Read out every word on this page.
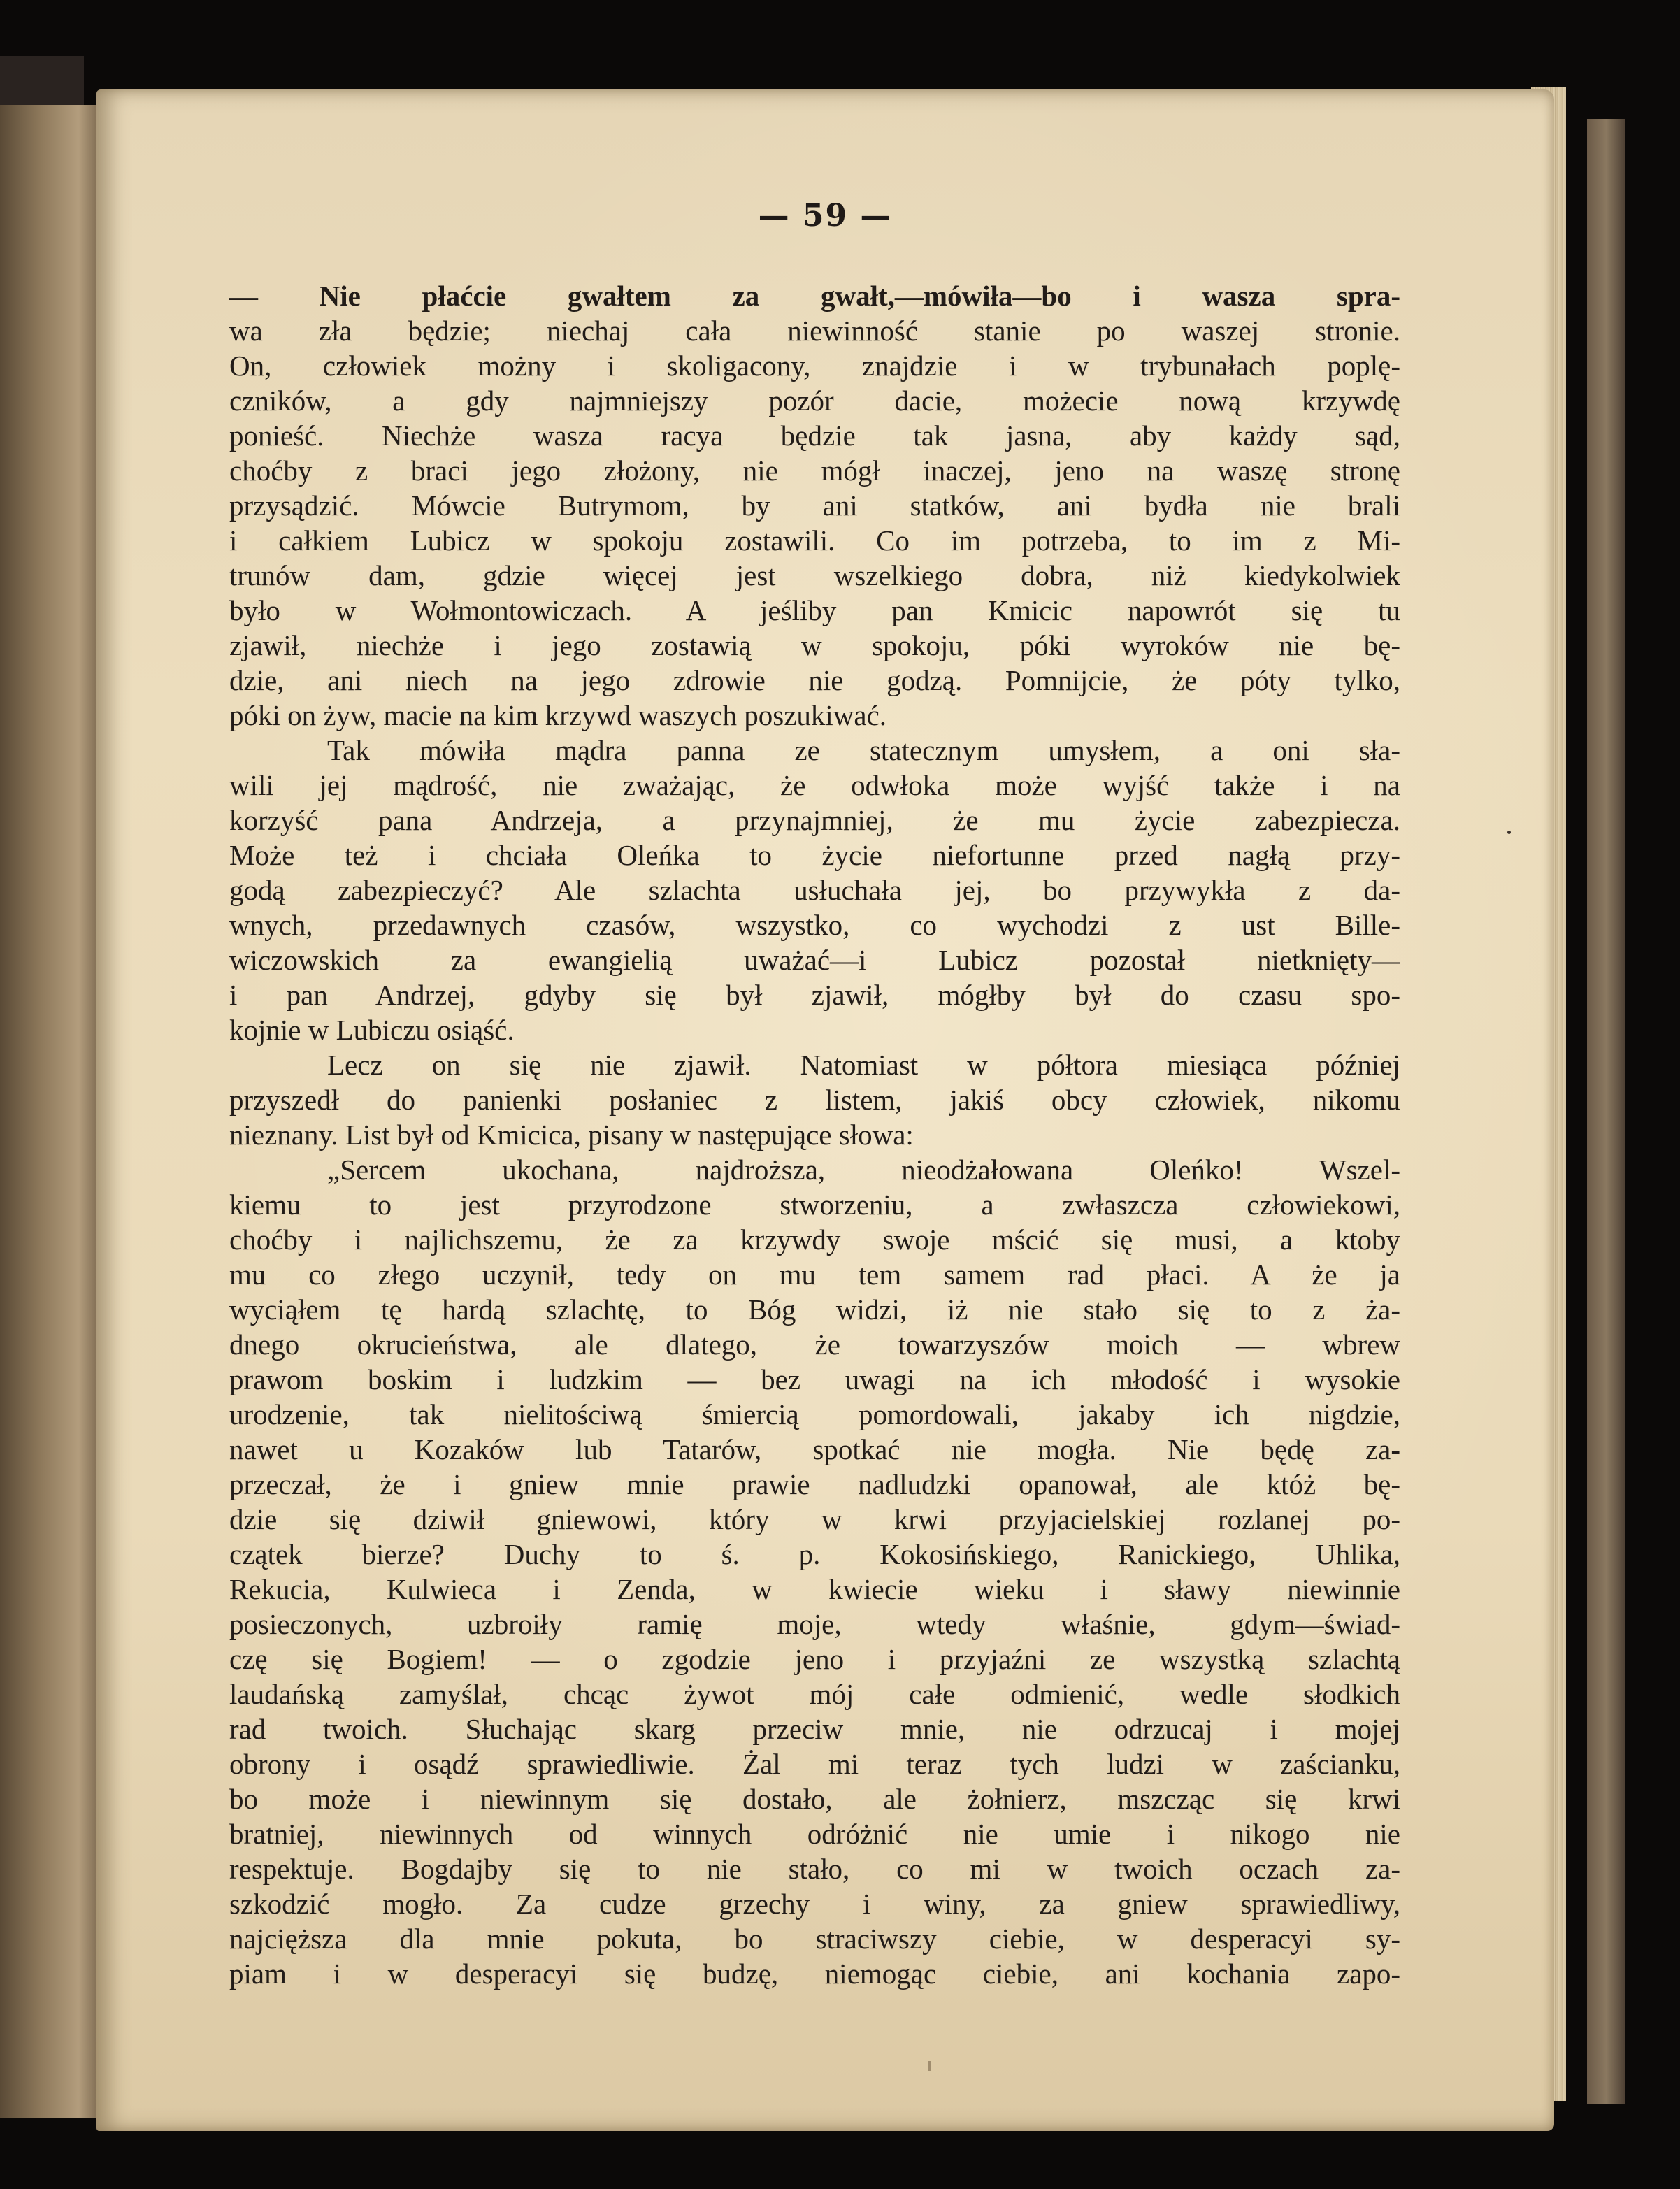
— 59 —
— Nie płaćcie gwałtem za gwałt,—mówiła—bo i wasza spra-
wa zła będzie; niechaj cała niewinność stanie po waszej stronie.
On, człowiek możny i skoligacony, znajdzie i w trybunałach poplę-
czników, a gdy najmniejszy pozór dacie, możecie nową krzywdę
ponieść. Niechże wasza racya będzie tak jasna, aby każdy sąd,
choćby z braci jego złożony, nie mógł inaczej, jeno na waszę stronę
przysądzić. Mówcie Butrymom, by ani statków, ani bydła nie brali
i całkiem Lubicz w spokoju zostawili. Co im potrzeba, to im z Mi-
trunów dam, gdzie więcej jest wszelkiego dobra, niż kiedykolwiek
było w Wołmontowiczach. A jeśliby pan Kmicic napowrót się tu
zjawił, niechże i jego zostawią w spokoju, póki wyroków nie bę-
dzie, ani niech na jego zdrowie nie godzą. Pomnijcie, że póty tylko,
póki on żyw, macie na kim krzywd waszych poszukiwać.
Tak mówiła mądra panna ze statecznym umysłem, a oni sła-
wili jej mądrość, nie zważając, że odwłoka może wyjść także i na
korzyść pana Andrzeja, a przynajmniej, że mu życie zabezpiecza.
Może też i chciała Oleńka to życie niefortunne przed nagłą przy-
godą zabezpieczyć? Ale szlachta usłuchała jej, bo przywykła z da-
wnych, przedawnych czasów, wszystko, co wychodzi z ust Bille-
wiczowskich za ewangielią uważać—i Lubicz pozostał nietknięty—
i pan Andrzej, gdyby się był zjawił, mógłby był do czasu spo-
kojnie w Lubiczu osiąść.
Lecz on się nie zjawił. Natomiast w półtora miesiąca później
przyszedł do panienki posłaniec z listem, jakiś obcy człowiek, nikomu
nieznany. List był od Kmicica, pisany w następujące słowa:
„Sercem ukochana, najdroższa, nieodżałowana Oleńko! Wszel-
kiemu to jest przyrodzone stworzeniu, a zwłaszcza człowiekowi,
choćby i najlichszemu, że za krzywdy swoje mścić się musi, a ktoby
mu co złego uczynił, tedy on mu tem samem rad płaci. A że ja
wyciąłem tę hardą szlachtę, to Bóg widzi, iż nie stało się to z ża-
dnego okrucieństwa, ale dlatego, że towarzyszów moich — wbrew
prawom boskim i ludzkim — bez uwagi na ich młodość i wysokie
urodzenie, tak nielitościwą śmiercią pomordowali, jakaby ich nigdzie,
nawet u Kozaków lub Tatarów, spotkać nie mogła. Nie będę za-
przeczał, że i gniew mnie prawie nadludzki opanował, ale któż bę-
dzie się dziwił gniewowi, który w krwi przyjacielskiej rozlanej po-
czątek bierze? Duchy to ś. p. Kokosińskiego, Ranickiego, Uhlika,
Rekucia, Kulwieca i Zenda, w kwiecie wieku i sławy niewinnie
posieczonych, uzbroiły ramię moje, wtedy właśnie, gdym—świad-
czę się Bogiem! — o zgodzie jeno i przyjaźni ze wszystką szlachtą
laudańską zamyślał, chcąc żywot mój całe odmienić, wedle słodkich
rad twoich. Słuchając skarg przeciw mnie, nie odrzucaj i mojej
obrony i osądź sprawiedliwie. Żal mi teraz tych ludzi w zaścianku,
bo może i niewinnym się dostało, ale żołnierz, mszcząc się krwi
bratniej, niewinnych od winnych odróżnić nie umie i nikogo nie
respektuje. Bogdajby się to nie stało, co mi w twoich oczach za-
szkodzić mogło. Za cudze grzechy i winy, za gniew sprawiedliwy,
najcięższa dla mnie pokuta, bo straciwszy ciebie, w desperacyi sy-
piam i w desperacyi się budzę, niemogąc ciebie, ani kochania zapo-
